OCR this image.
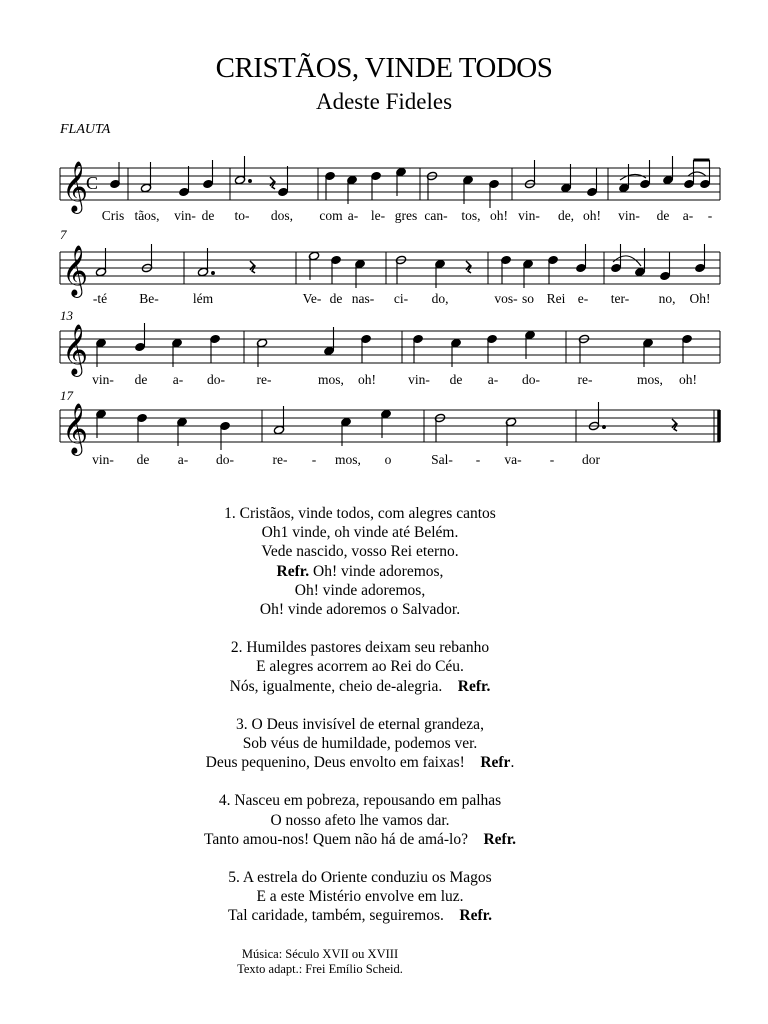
CRISTÃOS, VINDE TODOS
Adeste Fideles
FLAUTA
𝄞
C
7
𝄞
13
𝄞
17
𝄞
Cris tãos, vin- de to- dos, com a- le- gres can- tos, oh! vin- de, oh! vin- de a- -
-té Be-	lém	Ve- de nas- ci- do,	vos- so Rei e- ter- no, Oh!
vin- de a- do- re-	mos, oh! vin- de a- do-	re-	mos, oh!
vin- de a- do-	re- - mos, o	Sal- - va- - dor
1. Cristãos, vinde todos, com alegres cantos
Oh1 vinde, oh vinde até Belém.
Vede nascido, vosso Rei eterno.
Refr. Oh! vinde adoremos,
Oh! vinde adoremos,
Oh! vinde adoremos o Salvador.
2. Humildes pastores deixam seu rebanho
E alegres acorrem ao Rei do Céu.
Nós, igualmente, cheio de-alegria. Refr.
3. O Deus invisível de eternal grandeza,
Sob véus de humildade, podemos ver.
Deus pequenino, Deus envolto em faixas! Refr.
4. Nasceu em pobreza, repousando em palhas
O nosso afeto lhe vamos dar.
Tanto amou-nos! Quem não há de amá-lo? Refr.
5. A estrela do Oriente conduziu os Magos
E a este Mistério envolve em luz.
Tal caridade, também, seguiremos. Refr.
Música: Século XVII ou XVIII
Texto adapt.: Frei Emílio Scheid.
